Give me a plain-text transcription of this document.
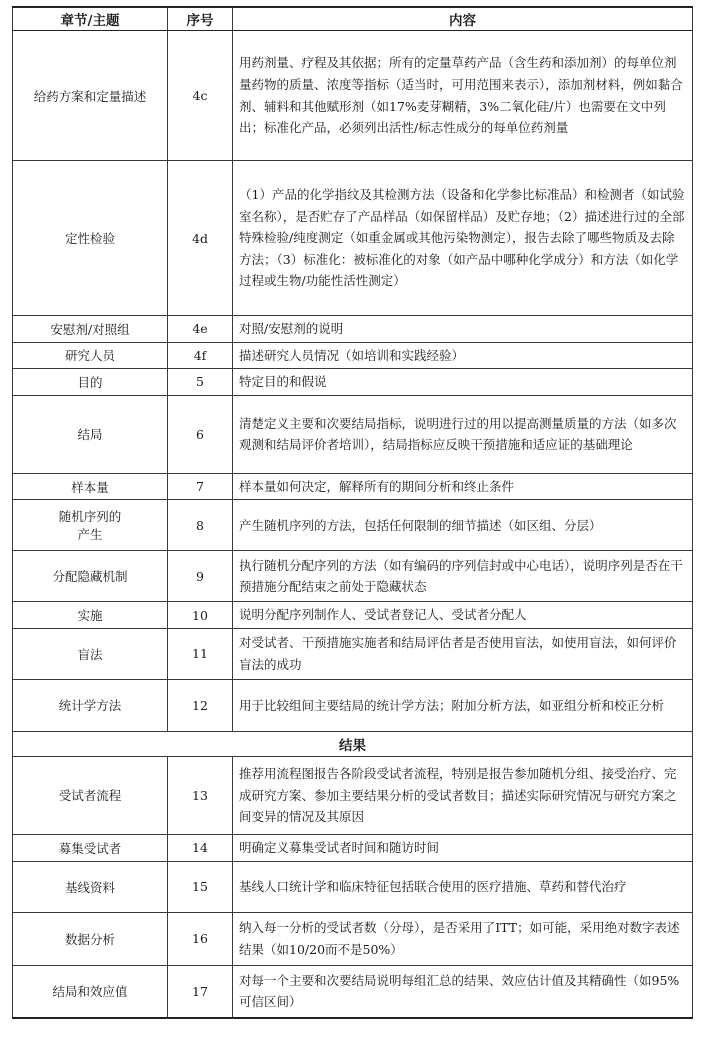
章节/主题	序号	内容
给药方案和定量描述	4c	用药剂量、疗程及其依据；所有的定量草药产品（含生药和添加剂）的每单位剂量药物的质量、浓度等指标（适当时，可用范围来表示），添加剂材料，例如黏合剂、辅料和其他赋形剂（如17%麦芽糊精，3%二氧化硅/片）也需要在文中列出；标准化产品，必须列出活性/标志性成分的每单位药剂量
定性检验	4d	（1）产品的化学指纹及其检测方法（设备和化学参比标准品）和检测者（如试验室名称），是否贮存了产品样品（如保留样品）及贮存地；（2）描述进行过的全部特殊检验/纯度测定（如重金属或其他污染物测定），报告去除了哪些物质及去除方法；（3）标准化：被标准化的对象（如产品中哪种化学成分）和方法（如化学过程或生物/功能性活性测定）
安慰剂/对照组	4e	对照/安慰剂的说明
研究人员	4f	描述研究人员情况（如培训和实践经验）
目的	5	特定目的和假说
结局	6	清楚定义主要和次要结局指标，说明进行过的用以提高测量质量的方法（如多次观测和结局评价者培训），结局指标应反映干预措施和适应证的基础理论
样本量	7	样本量如何决定，解释所有的期间分析和终止条件
随机序列的产生	8	产生随机序列的方法，包括任何限制的细节描述（如区组、分层）
分配隐藏机制	9	执行随机分配序列的方法（如有编码的序列信封或中心电话），说明序列是否在干预措施分配结束之前处于隐藏状态
实施	10	说明分配序列制作人、受试者登记人、受试者分配人
盲法	11	对受试者、干预措施实施者和结局评估者是否使用盲法，如使用盲法，如何评价盲法的成功
统计学方法	12	用于比较组间主要结局的统计学方法；附加分析方法，如亚组分析和校正分析
结果		
受试者流程	13	推荐用流程图报告各阶段受试者流程，特别是报告参加随机分组、接受治疗、完成研究方案、参加主要结果分析的受试者数目；描述实际研究情况与研究方案之间变异的情况及其原因
募集受试者	14	明确定义募集受试者时间和随访时间
基线资料	15	基线人口统计学和临床特征包括联合使用的医疗措施、草药和替代治疗
数据分析	16	纳入每一分析的受试者数（分母），是否采用了ITT；如可能，采用绝对数字表述结果（如10/20而不是50%）
结局和效应值	17	对每一个主要和次要结局说明每组汇总的结果、效应估计值及其精确性（如95%可信区间）
